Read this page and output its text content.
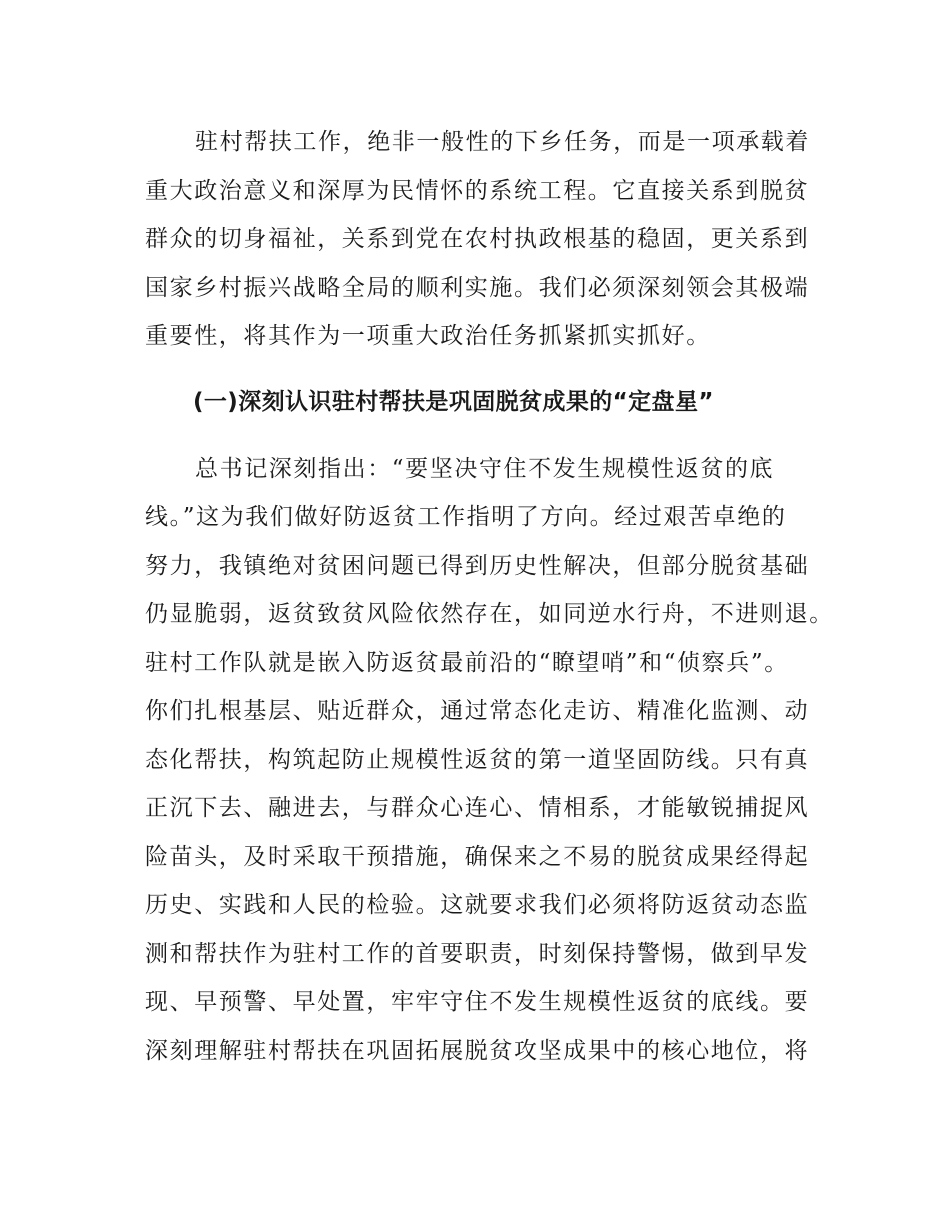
驻村帮扶工作，绝非一般性的下乡任务，而是一项承载着
重大政治意义和深厚为民情怀的系统工程。它直接关系到脱贫
群众的切身福祉，关系到党在农村执政根基的稳固，更关系到
国家乡村振兴战略全局的顺利实施。我们必须深刻领会其极端
重要性，将其作为一项重大政治任务抓紧抓实抓好。

(一)深刻认识驻村帮扶是巩固脱贫成果的“定盘星”

总书记深刻指出：“要坚决守住不发生规模性返贫的底
线。”这为我们做好防返贫工作指明了方向。经过艰苦卓绝的
努力，我镇绝对贫困问题已得到历史性解决，但部分脱贫基础
仍显脆弱，返贫致贫风险依然存在，如同逆水行舟，不进则退。
驻村工作队就是嵌入防返贫最前沿的“瞭望哨”和“侦察兵”。
你们扎根基层、贴近群众，通过常态化走访、精准化监测、动
态化帮扶，构筑起防止规模性返贫的第一道坚固防线。只有真
正沉下去、融进去，与群众心连心、情相系，才能敏锐捕捉风
险苗头，及时采取干预措施，确保来之不易的脱贫成果经得起
历史、实践和人民的检验。这就要求我们必须将防返贫动态监
测和帮扶作为驻村工作的首要职责，时刻保持警惕，做到早发
现、早预警、早处置，牢牢守住不发生规模性返贫的底线。要
深刻理解驻村帮扶在巩固拓展脱贫攻坚成果中的核心地位，将
